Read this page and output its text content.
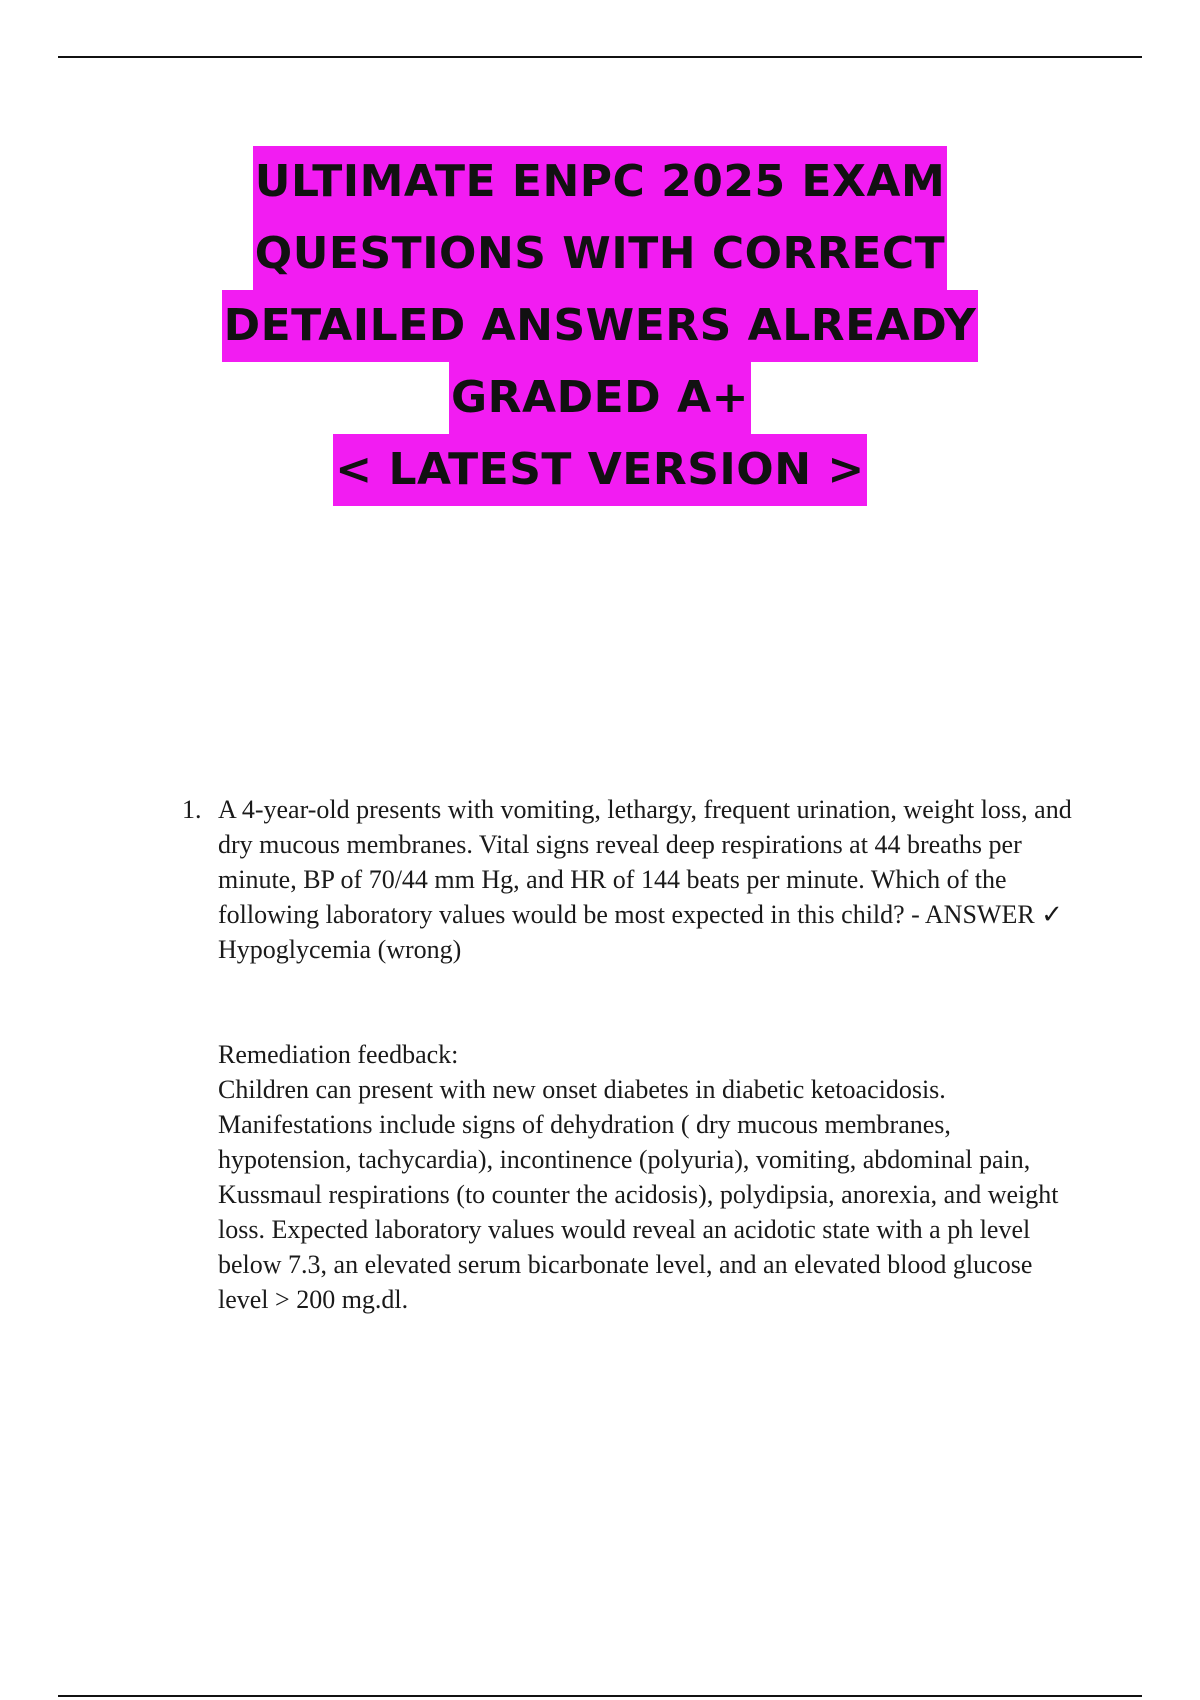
ULTIMATE ENPC 2025 EXAM
QUESTIONS WITH CORRECT
DETAILED ANSWERS ALREADY
GRADED A+
< LATEST VERSION >
1. A 4-year-old presents with vomiting, lethargy, frequent urination, weight loss, and dry mucous membranes. Vital signs reveal deep respirations at 44 breaths per minute, BP of 70/44 mm Hg, and HR of 144 beats per minute. Which of the following laboratory values would be most expected in this child? - ANSWER ✓ Hypoglycemia (wrong)

Remediation feedback:

Children can present with new onset diabetes in diabetic ketoacidosis. Manifestations include signs of dehydration ( dry mucous membranes, hypotension, tachycardia), incontinence (polyuria), vomiting, abdominal pain, Kussmaul respirations (to counter the acidosis), polydipsia, anorexia, and weight loss. Expected laboratory values would reveal an acidotic state with a ph level below 7.3, an elevated serum bicarbonate level, and an elevated blood glucose level > 200 mg.dl.
